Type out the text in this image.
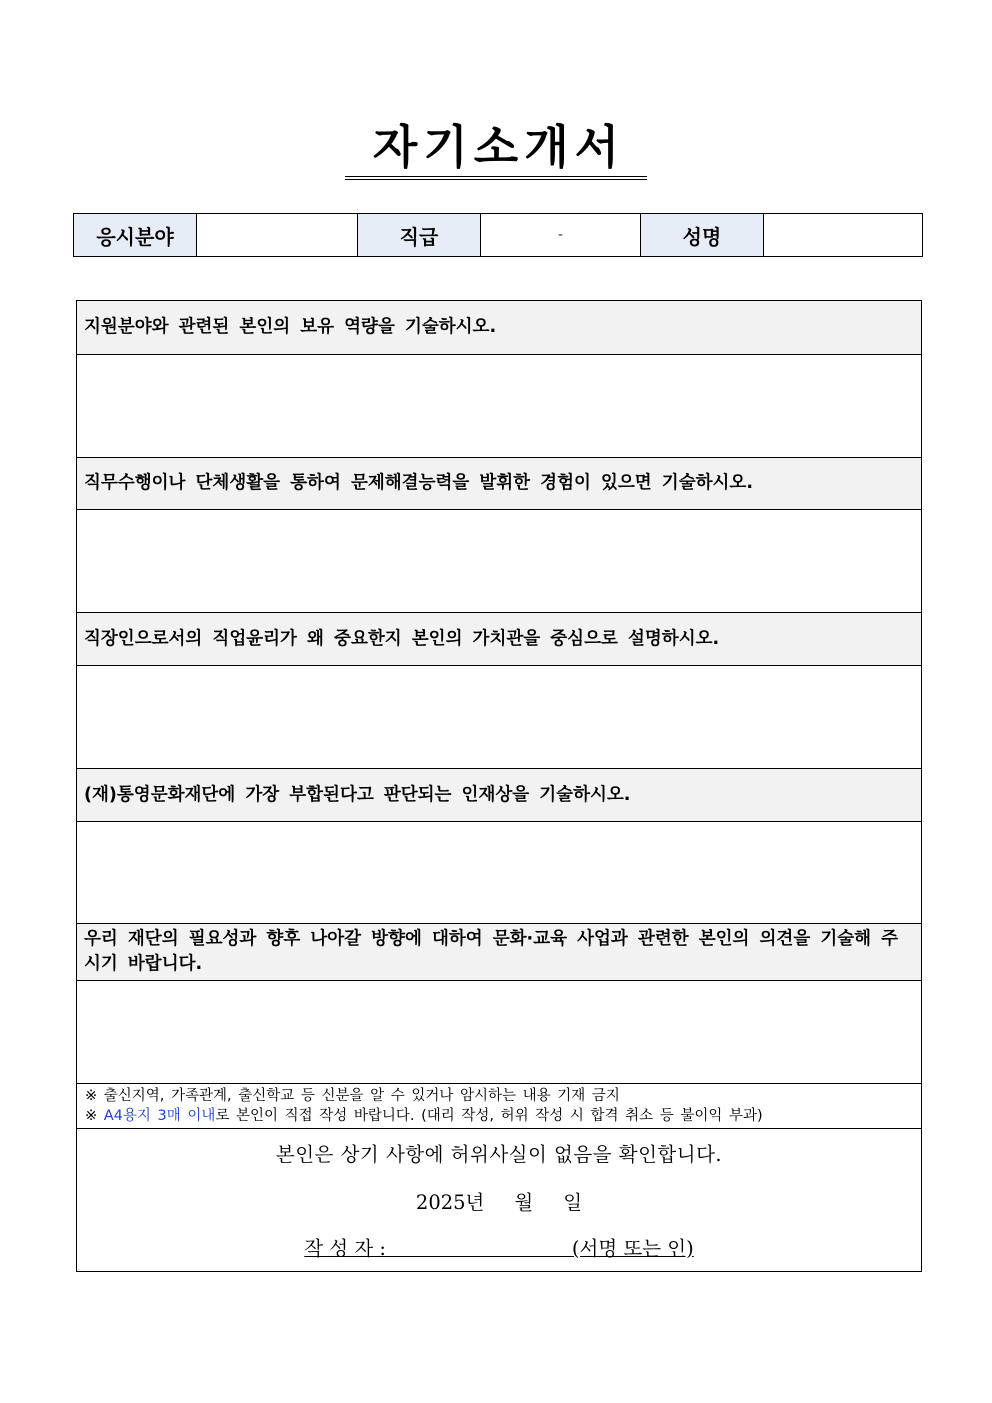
자기소개서
응시분야		직급	-	성명	
지원분야와 관련된 본인의 보유 역량을 기술하시오.

직무수행이나 단체생활을 통하여 문제해결능력을 발휘한 경험이 있으면 기술하시오.

직장인으로서의 직업윤리가 왜 중요한지 본인의 가치관을 중심으로 설명하시오.

(재)통영문화재단에 가장 부합된다고 판단되는 인재상을 기술하시오.

우리 재단의 필요성과 향후 나아갈 방향에 대하여 문화·교육 사업과 관련한 본인의 의견을 기술해 주시기 바랍니다.

※ 출신지역, 가족관계, 출신학교 등 신분을 알 수 있거나 암시하는 내용 기재 금지
※ A4용지 3매 이내로 본인이 직접 작성 바랍니다. (대리 작성, 허위 작성 시 합격 취소 등 불이익 부과)

본인은 상기 사항에 허위사실이 없음을 확인합니다.
2025년 월 일
작 성 자 :	(서명 또는 인)
